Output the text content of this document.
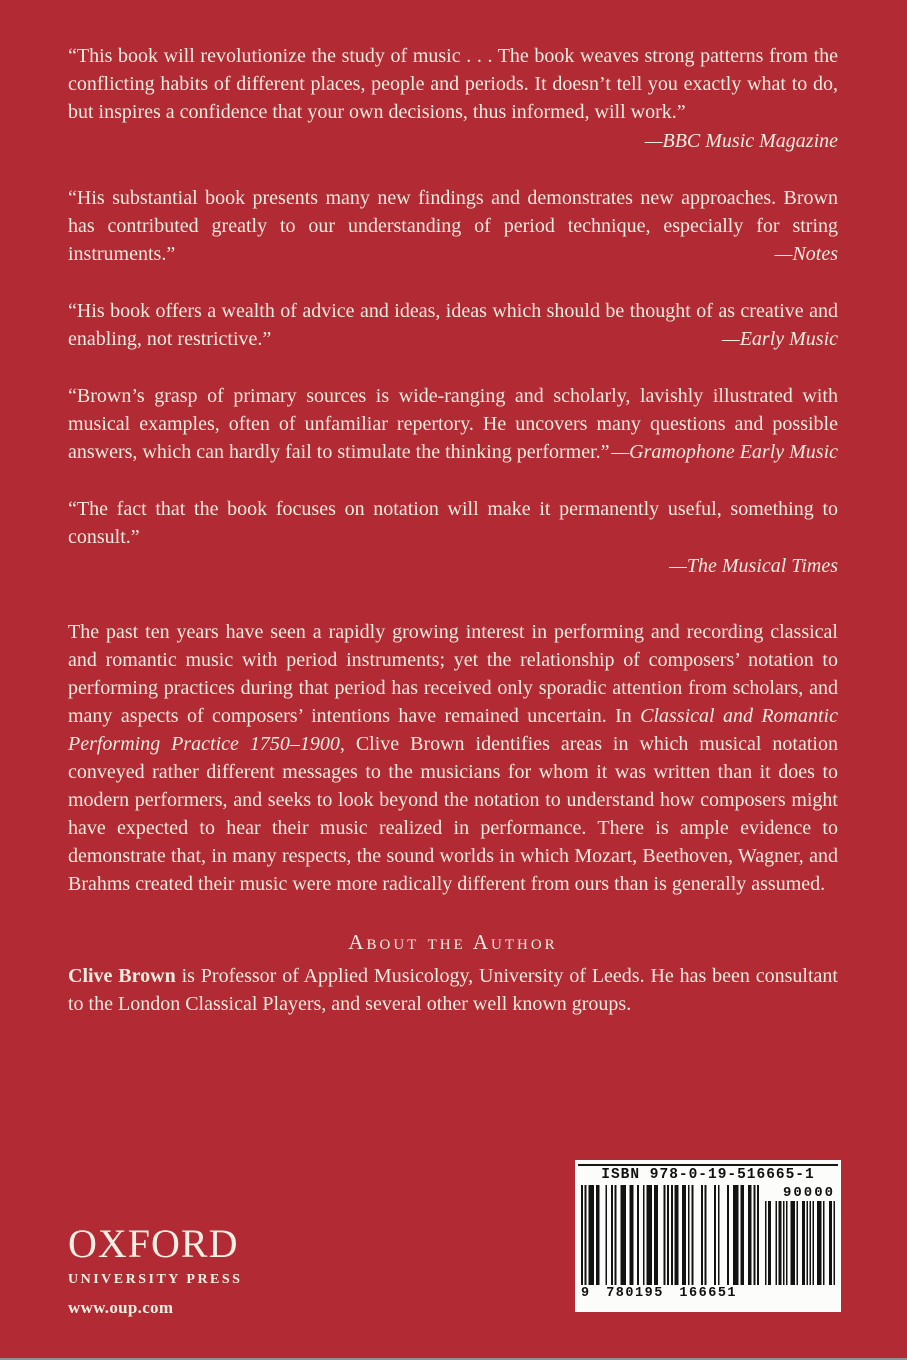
“This book will revolutionize the study of music . . . The book weaves strong patterns from the conflicting habits of different places, people and periods. It doesn’t tell you exactly what to do, but inspires a confidence that your own decisions, thus informed, will work.”
—BBC Music Magazine

“His substantial book presents many new findings and demonstrates new approaches. Brown has contributed greatly to our understanding of period technique, especially for string instruments.”	—Notes

“His book offers a wealth of advice and ideas, ideas which should be thought of as creative and enabling, not restrictive.”	—Early Music

“Brown’s grasp of primary sources is wide-ranging and scholarly, lavishly illustrated with musical examples, often of unfamiliar repertory. He uncovers many questions and possible answers, which can hardly fail to stimulate the thinking performer.” —Gramophone Early Music

“The fact that the book focuses on notation will make it permanently useful, something to consult.”
—The Musical Times

The past ten years have seen a rapidly growing interest in performing and recording classical and romantic music with period instruments; yet the relationship of composers’ notation to performing practices during that period has received only sporadic attention from scholars, and many aspects of composers’ intentions have remained uncertain. In Classical and Romantic Performing Practice 1750–1900, Clive Brown identifies areas in which musical notation conveyed rather different messages to the musicians for whom it was written than it does to modern performers, and seeks to look beyond the notation to understand how composers might have expected to hear their music realized in performance. There is ample evidence to demonstrate that, in many respects, the sound worlds in which Mozart, Beethoven, Wagner, and Brahms created their music were more radically different from ours than is generally assumed.

About the Author

Clive Brown is Professor of Applied Musicology, University of Leeds. He has been consultant to the London Classical Players, and several other well known groups.

OXFORD
UNIVERSITY PRESS
www.oup.com
ISBN 978-0-19-516665-1
9 780195 166651
90000
